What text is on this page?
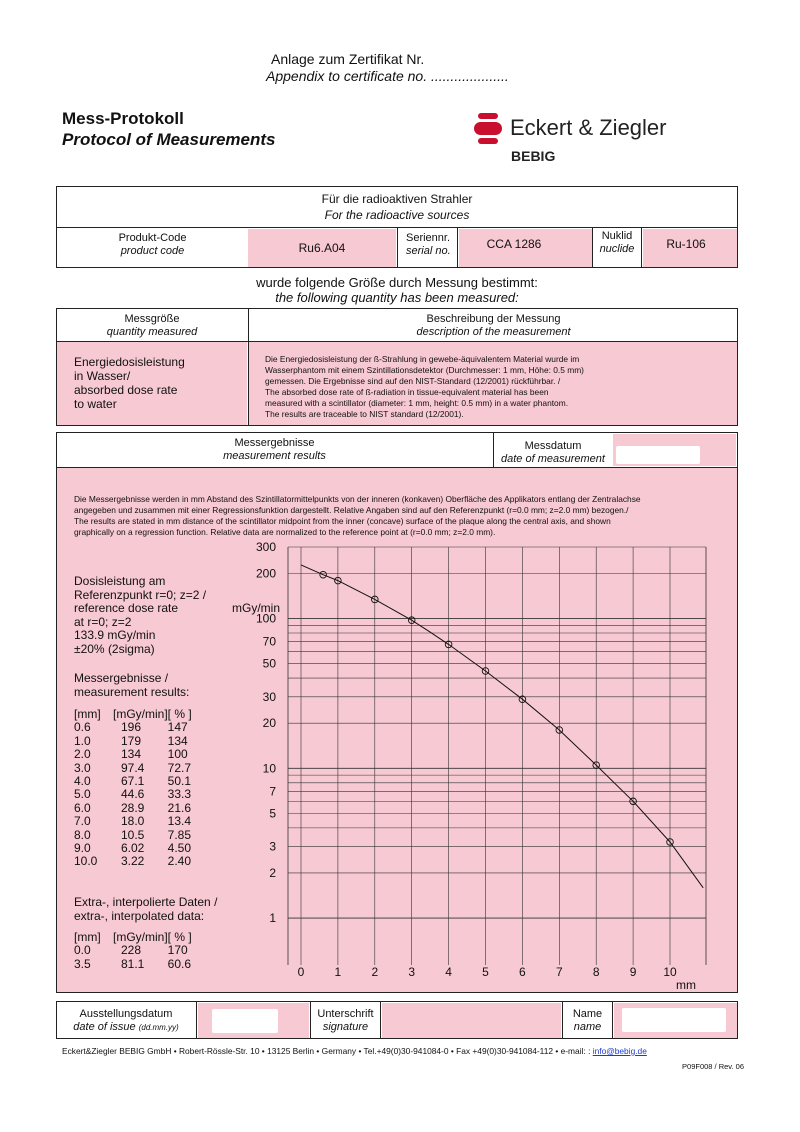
Anlage zum Zertifikat Nr.
Appendix to certificate no. ....................
Mess-Protokoll
Protocol of Measurements	Eckert & Ziegler
BEBIG
Für die radioaktiven Strahler
For the radioactive sources
Produkt-Code
product code	Ru6.A04
Seriennr.
serial no.	CCA 1286
Nuklid
nuclide	Ru-106
wurde folgende Größe durch Messung bestimmt:
the following quantity has been measured:
Messgröße
quantity measured
Beschreibung der Messung
description of the measurement
Energiedosisleistung
in Wasser/
absorbed dose rate
to water
Die Energiedosisleistung der ß-Strahlung in gewebe-äquivalentem Material wurde im
Wasserphantom mit einem Szintillationsdetektor (Durchmesser: 1 mm, Höhe: 0.5 mm)
gemessen. Die Ergebnisse sind auf den NIST-Standard (12/2001) rückführbar. /
The absorbed dose rate of ß-radiation in tissue-equivalent material has been
measured with a scintillator (diameter: 1 mm, height: 0.5 mm) in a water phantom.
The results are traceable to NIST standard (12/2001).
Messergebnisse
measurement results
Messdatum
date of measurement
Die Messergebnisse werden in mm Abstand des Szintillatormittelpunkts von der inneren (konkaven) Oberfläche des Applikators entlang der Zentralachse
angegeben und zusammen mit einer Regressionsfunktion dargestellt. Relative Angaben sind auf den Referenzpunkt (r=0.0 mm; z=2.0 mm) bezogen./
The results are stated in mm distance of the scintillator midpoint from the inner (concave) surface of the plaque along the central axis, and shown
graphically on a regression function. Relative data are normalized to the reference point at (r=0.0 mm; z=2.0 mm).
Dosisleistung am
Referenzpunkt r=0; z=2 /
reference dose rate
at r=0; z=2
133.9 mGy/min
±20% (2sigma)
Messergebnisse /
measurement results:
[mm]	[mGy/min]	[ % ]
0.6	196	147
1.0	179	134
2.0	134	100
3.0	97.4	72.7
4.0	67.1	50.1
5.0	44.6	33.3
6.0	28.9	21.6
7.0	18.0	13.4
8.0	10.5	7.85
9.0	6.02	4.50
10.0	3.22	2.40
Extra-, interpolierte Daten /
extra-, interpolated data:
[mm]	[mGy/min]	[ % ]
0.0	228	170
3.5	81.1	60.6
300
200
100
70
50
30
20
10
7
5
3
2
1
0	1	2	3	4	5	6	7	8	9 10
mGy/min
mm
Ausstellungsdatum
date of issue (dd.mm.yy)
Unterschrift
signature
Name
name
Eckert&Ziegler BEBIG GmbH • Robert-Rössle-Str. 10 • 13125 Berlin • Germany • Tel.+49(0)30-941084-0 • Fax +49(0)30-941084-112 • e-mail: : info@bebig.de
P09F008 / Rev. 06
